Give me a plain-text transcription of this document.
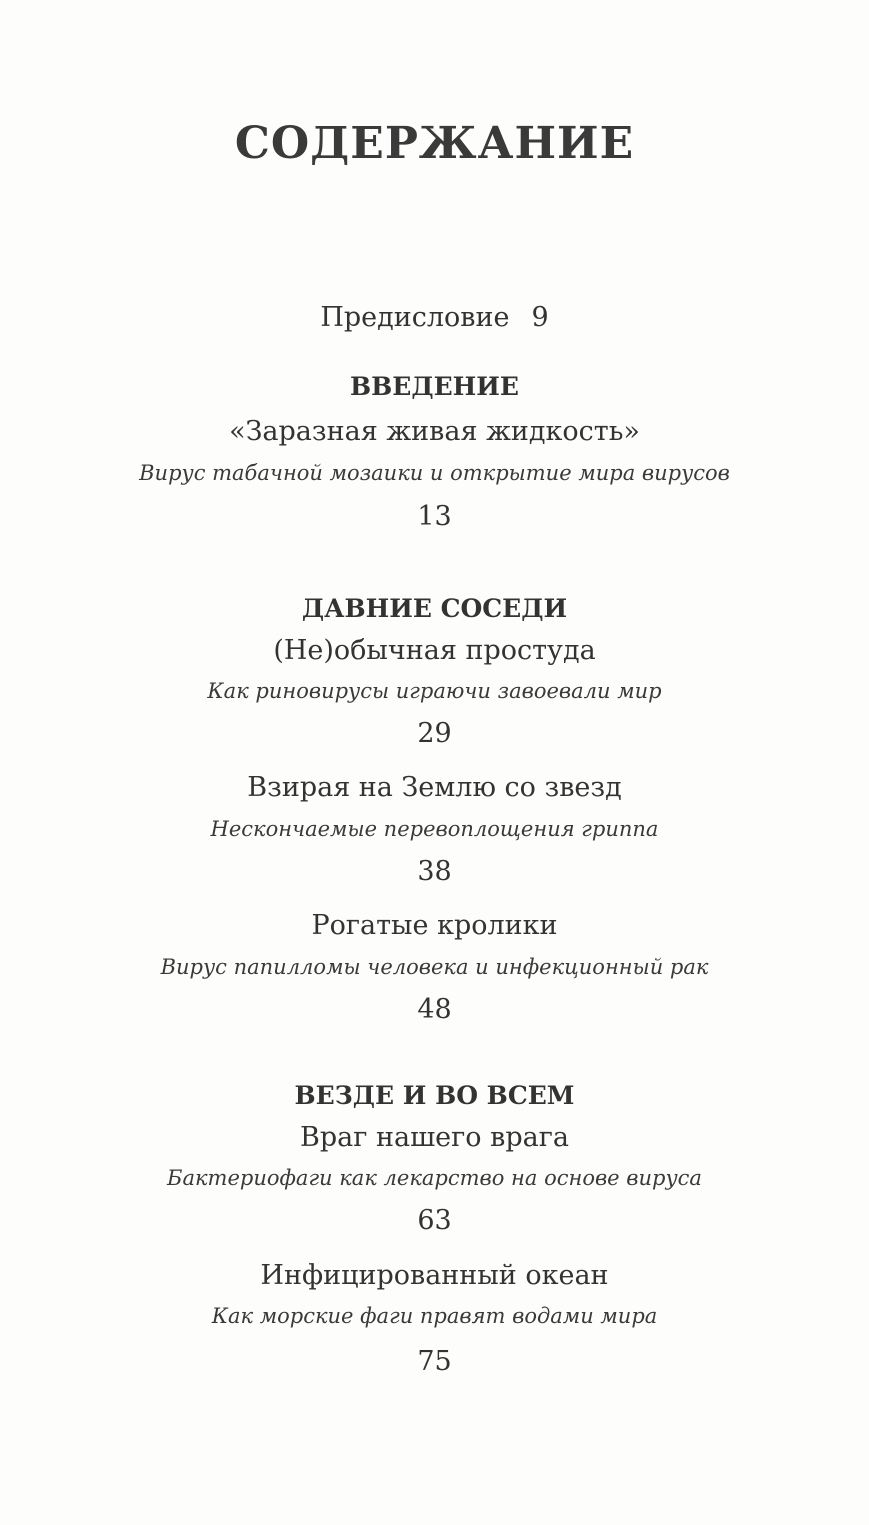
СОДЕРЖАНИЕ
Предисловие 9
ВВЕДЕНИЕ
«Заразная живая жидкость»
Вирус табачной мозаики и открытие мира вирусов
13
ДАВНИЕ СОСЕДИ
(Не)обычная простуда
Как риновирусы играючи завоевали мир
29
Взирая на Землю со звезд
Нескончаемые перевоплощения гриппа
38
Рогатые кролики
Вирус папилломы человека и инфекционный рак
48
ВЕЗДЕ И ВО ВСЕМ
Враг нашего врага
Бактериофаги как лекарство на основе вируса
63
Инфицированный океан
Как морские фаги правят водами мира
75
